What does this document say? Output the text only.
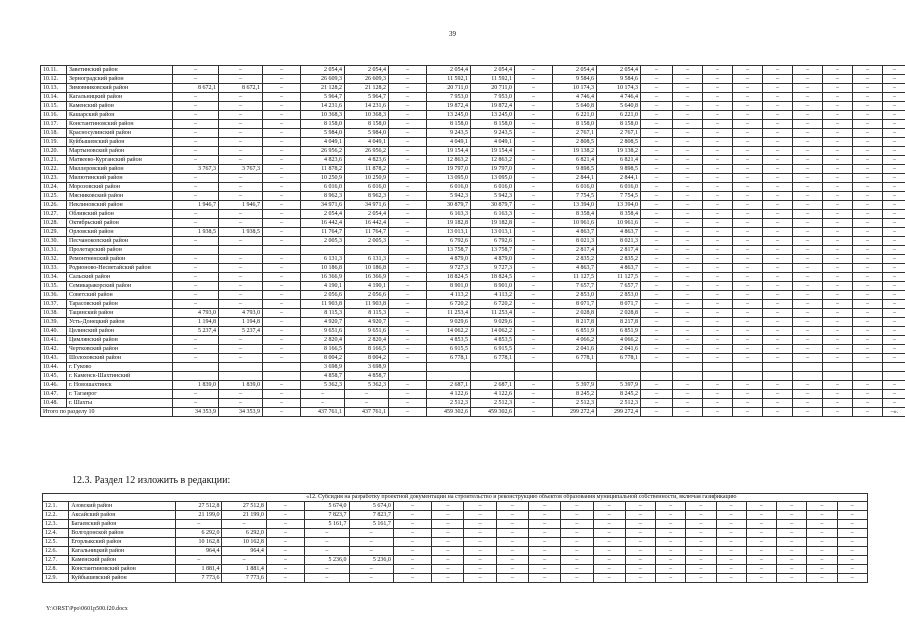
39
10.11.	Заветинский район	–	–	–	2 054,4	2 054,4	–	2 054,4	2 054,4	–	2 054,4	2 054,4	–	–	–	–	–	–	–	–	–
10.12.	Зерноградский район	–	–	–	26 609,3	26 609,3	–	11 592,1	11 592,1	–	9 584,6	9 584,6	–	–	–	–	–	–	–	–	–
10.13.	Зимовниковский район	8 672,1	8 672,1	–	21 128,2	21 128,2	–	20 711,0	20 711,0	–	10 174,3	10 174,3	–	–	–	–	–	–	–	–	–
10.14.	Кагальницкий район	–	–	–	5 964,7	5 964,7	–	7 953,0	7 953,0	–	4 746,4	4 746,4	–	–	–	–	–	–	–	–	–
10.15.	Каменский район	–	–	–	14 231,6	14 231,6	–	19 872,4	19 872,4	–	5 640,8	5 640,8	–	–	–	–	–	–	–	–	–
10.16.	Кашарский район	–	–	–	10 368,3	10 368,3	–	13 245,0	13 245,0	–	6 221,0	6 221,0	–	–	–	–	–	–	–	–	–
10.17.	Константиновский район	–	–	–	8 158,0	8 158,0	–	8 158,0	8 158,0	–	8 158,0	8 158,0	–	–	–	–	–	–	–	–	–
10.18.	Красносулинский район	–	–	–	5 984,0	5 984,0	–	9 243,5	9 243,5	–	2 767,1	2 767,1	–	–	–	–	–	–	–	–	–
10.19.	Куйбышевский район	–	–	–	4 049,1	4 049,1	–	4 049,1	4 049,1	–	2 808,5	2 808,5	–	–	–	–	–	–	–	–	–
10.20.	Мартыновский район	–	–	–	26 956,2	26 956,2	–	19 154,4	19 154,4	–	19 138,2	19 138,2	–	–	–	–	–	–	–	–	–
10.21.	Матвеево-Курганский район	–	–	–	4 823,6	4 823,6	–	12 863,2	12 863,2	–	6 821,4	6 821,4	–	–	–	–	–	–	–	–	–
10.22.	Миллеровский район	3 767,3	3 767,3	–	11 878,2	11 878,2	–	19 797,0	19 797,0	–	9 898,5	9 898,5	–	–	–	–	–	–	–	–	–
10.23.	Милютинский район	–	–	–	10 250,9	10 250,9	–	13 095,0	13 095,0	–	2 844,1	2 844,1	–	–	–	–	–	–	–	–	–
10.24.	Морозовский район	–	–	–	6 016,0	6 016,0	–	6 016,0	6 016,0	–	6 016,0	6 016,0	–	–	–	–	–	–	–	–	–
10.25.	Мясниковский район	–	–	–	8 962,3	8 962,3	–	5 942,3	5 942,3	–	7 754,5	7 754,5	–	–	–	–	–	–	–	–	–
10.26.	Неклиновский район	1 946,7	1 946,7	–	34 971,6	34 971,6	–	30 879,7	30 879,7	–	13 394,0	13 394,0	–	–	–	–	–	–	–	–	–
10.27.	Обливский район	–	–	–	2 054,4	2 054,4	–	6 163,3	6 163,3	–	8 358,4	8 358,4	–	–	–	–	–	–	–	–	–
10.28.	Октябрьский район	–	–	–	16 442,4	16 442,4	–	19 182,8	19 182,8	–	10 961,6	10 961,6	–	–	–	–	–	–	–	–	–
10.29.	Орловский район	1 938,5	1 938,5	–	11 764,7	11 764,7	–	13 013,1	13 013,1	–	4 863,7	4 863,7	–	–	–	–	–	–	–	–	–
10.30.	Песчанокопский район	–	–	–	2 005,3	2 005,3	–	6 792,6	6 792,6	–	8 021,3	8 021,3	–	–	–	–	–	–	–	–	–
10.31.	Пролетарский район							13 758,7	13 758,7	–	2 817,4	2 817,4	–	–	–	–	–	–	–	–	–
10.32.	Ремонтненский район	–	–	–	6 131,3	6 131,3	–	4 879,0	4 879,0	–	2 835,2	2 835,2	–	–	–	–	–	–	–	–	–
10.33.	Родионово-Несветайский район	–	–	–	10 186,8	10 186,8	–	9 727,3	9 727,3	–	4 863,7	4 863,7	–	–	–	–	–	–	–	–	–
10.34.	Сальский район	–	–	–	16 366,9	16 366,9	–	18 824,5	18 824,5	–	11 127,5	11 127,5	–	–	–	–	–	–	–	–	–
10.35.	Семикаракорский район	–	–	–	4 190,1	4 190,1	–	8 901,0	8 901,0	–	7 657,7	7 657,7	–	–	–	–	–	–	–	–	–
10.36.	Советский район	–	–	–	2 056,6	2 056,6	–	4 113,2	4 113,2	–	2 853,0	2 853,0	–	–	–	–	–	–	–	–	–
10.37.	Тарасовский район	–	–	–	11 903,8	11 903,8	–	6 720,2	6 720,2	–	8 071,7	8 071,7	–	–	–	–	–	–	–	–	–
10.38.	Тацинский район	4 793,0	4 793,0	–	8 115,3	8 115,3	–	11 253,4	11 253,4	–	2 028,8	2 028,8	–	–	–	–	–	–	–	–	–
10.39.	Усть-Донецкий район	1 194,8	1 194,8	–	4 920,7	4 920,7	–	9 029,6	9 029,6	–	8 217,8	8 217,8	–	–	–	–	–	–	–	–	–
10.40.	Целинский район	5 237,4	5 237,4	–	9 651,6	9 651,6	–	14 062,2	14 062,2	–	6 851,9	6 851,9	–	–	–	–	–	–	–	–	–
10.41.	Цимлянский район	–	–	–	2 820,4	2 820,4	–	4 853,5	4 853,5	–	4 066,2	4 066,2	–	–	–	–	–	–	–	–	–
10.42.	Чертковский район	–	–	–	8 166,5	8 166,5	–	6 915,5	6 915,5	–	2 041,6	2 041,6	–	–	–	–	–	–	–	–	–
10.43.	Шолоховский район	–	–	–	8 004,2	8 004,2	–	6 778,1	6 778,1	–	6 778,1	6 778,1	–	–	–	–	–	–	–	–	–
10.44.	г. Гуково				3 698,9	3 698,9															
10.45.	г. Каменск-Шахтинский				4 858,7	4 858,7															
10.46.	г. Новошахтинск	1 839,0	1 839,0	–	5 362,3	5 362,3	–	2 687,1	2 687,1	–	5 397,9	5 397,9	–	–	–	–	–	–	–	–	–
10.47.	г. Таганрог	–	–	–	–	–	–	4 122,6	4 122,6	–	8 245,2	8 245,2	–	–	–	–	–	–	–	–	–
10.48.	г. Шахты	–	–	–	–	–	–	2 512,3	2 512,3	–	2 512,3	2 512,3	–	–	–	–	–	–	–	–	–
Итого по разделу 10		34 353,9	34 353,9	–	437 761,1	437 761,1	–	459 302,6	459 302,6	–	299 272,4	299 272,4	–	–	–	–	–	–	–	–	–».
12.3. Раздел 12 изложить в редакции:
		«12. Субсидия на разработку проектной документации на строительство и реконструкцию объектов образования муниципальной собственности, включая газификацию																			
12.1.	Азовский район	27 512,8	27 512,8	–	5 674,0	5 674,0	–	–	–	–	–	–	–	–	–	–	–	–	–	–	–
12.2.	Аксайский район	21 199,0	21 199,0	–	7 823,7	7 823,7	–	–	–	–	–	–	–	–	–	–	–	–	–	–	–
12.3.	Багаевский район	–	–	–	5 161,7	5 161,7	–	–	–	–	–	–	–	–	–	–	–	–	–	–	–
12.4.	Волгодонской район	6 292,0	6 292,0	–	–	–	–	–	–	–	–	–	–	–	–	–	–	–	–	–	–
12.5.	Егорлыкский район	10 162,8	10 162,8	–	–	–	–	–	–	–	–	–	–	–	–	–	–	–	–	–	–
12.6.	Кагальницкий район	964,4	964,4	–	–	–	–	–	–	–	–	–	–	–	–	–	–	–	–	–	–
12.7.	Каменский район	–	–	–	5 236,0	5 236,0	–	–	–	–	–	–	–	–	–	–	–	–	–	–	–
12.8.	Константиновский район	1 881,4	1 881,4	–	–	–	–	–	–	–	–	–	–	–	–	–	–	–	–	–	–
12.9.	Куйбышевский район	7 773,6	7 773,6	–	–	–	–	–	–	–	–	–	–	–	–	–	–	–	–	–	–
Y:\ORST\Ppo\0601p500.f20.docx
